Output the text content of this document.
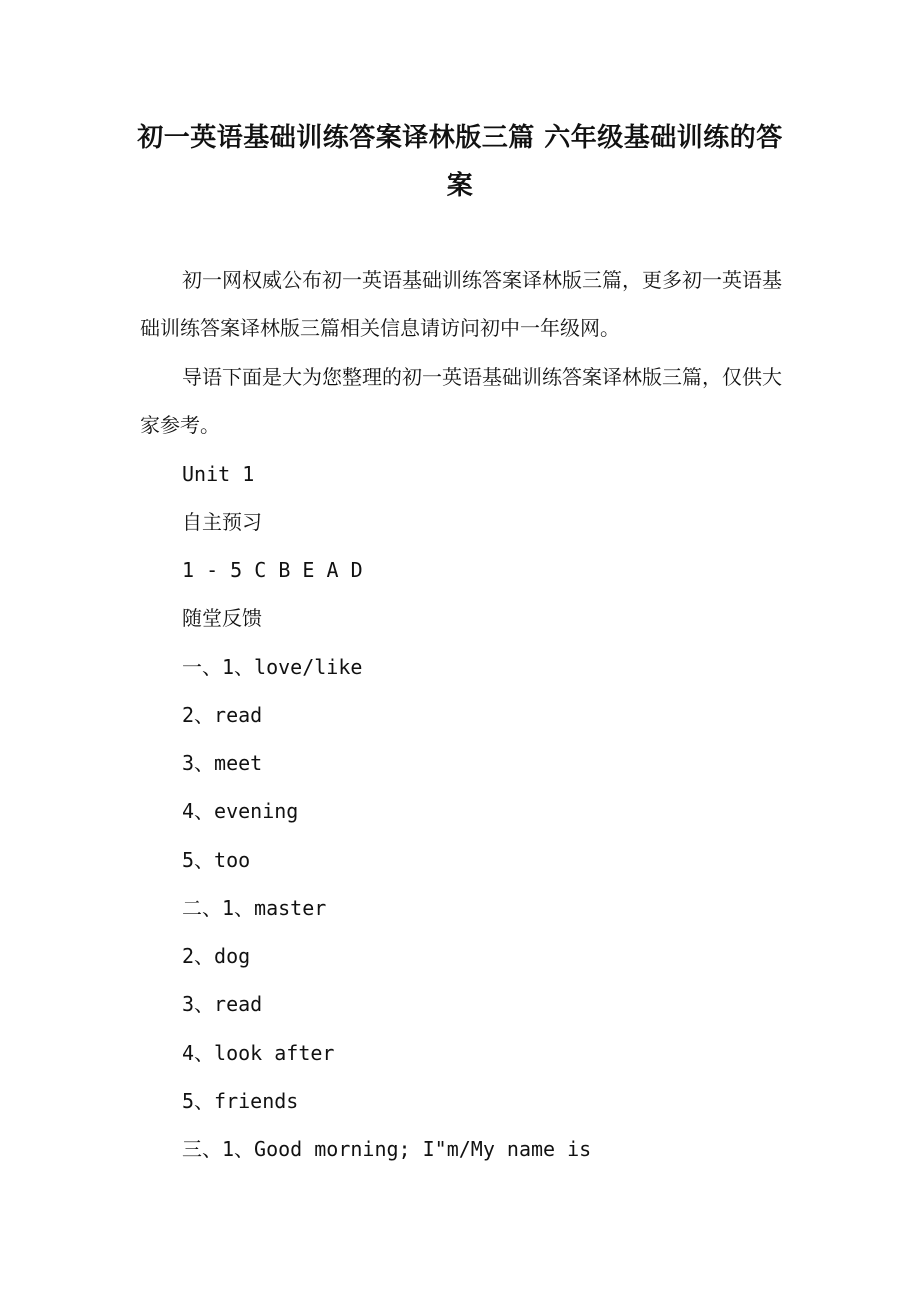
初一英语基础训练答案译林版三篇 六年级基础训练的答案

初一网权威公布初一英语基础训练答案译林版三篇，更多初一英语基础训练答案译林版三篇相关信息请访问初中一年级网。

导语下面是大为您整理的初一英语基础训练答案译林版三篇，仅供大家参考。

Unit 1

自主预习

1 - 5 C B E A D

随堂反馈

一、1、love/like

2、read

3、meet

4、evening

5、too

二、1、master

2、dog

3、read

4、look after

5、friends

三、1、Good morning; I"m/My name is
